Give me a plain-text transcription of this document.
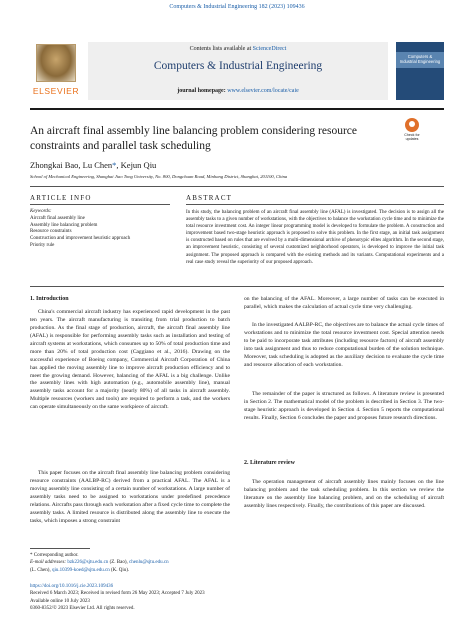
Computers & Industrial Engineering 182 (2023) 109436
ELSEVIER
Contents lists available at ScienceDirect
Computers & Industrial Engineering
journal homepage: www.elsevier.com/locate/caie
Computers & Industrial Engineering
An aircraft final assembly line balancing problem considering resource constraints and parallel task scheduling
Check for updates
Zhongkai Bao, Lu Chen*, Kejun Qiu
School of Mechanical Engineering, Shanghai Jiao Tong University, No. 800, Dongchuan Road, Minhang District, Shanghai, 201100, China
ARTICLE INFO	ABSTRACT
Keywords:
Aircraft final assembly line
Assembly line balancing problem
Resource constraints
Construction and improvement heuristic approach
Priority rule
In this study, the balancing problem of an aircraft final assembly line (AFAL) is investigated. The decision is to assign all the assembly tasks to a given number of workstations, with the objectives to balance the workstation cycle time and to minimize the total resource investment cost. An integer linear programming model is developed to formulate the problem. A construction and improvement based two-stage heuristic approach is proposed to solve this problem. In the first stage, an initial task assignment is constructed based on rules that are evolved by a multi-dimensional archive of phenotypic elites algorithm. In the second stage, an improvement heuristic, consisting of several customized neighborhood operators, is developed to improve the initial task assignment. The proposed approach is compared with the existing methods and its variants. Computational experiments and a real case study reveal the superiority of our proposed approach.
1. Introduction
China's commercial aircraft industry has experienced rapid development in the past ten years. The aircraft manufacturing is transiting from trial production to batch production. As the final stage of production, aircraft, the aircraft final assembly line (AFAL) is responsible for performing assembly tasks such as installation and testing of aircraft systems at workstations, which consumes up to 50% of total production time and more than 20% of total production cost (Caggiano et al., 2016). Drawing on the successful experience of Boeing company, Commercial Aircraft Corporation of China has applied the moving assembly line to improve aircraft production efficiency and to meet the growing demand. However, balancing of the AFAL is a big challenge. Unlike the assembly lines with high automation (e.g., automobile assembly line), manual assembly tasks account for a majority (nearly 80%) of all tasks in aircraft assembly. Multiple resources (workers and tools) are required to perform a task, and the workers can operate simultaneously on the same workpiece of aircraft.
This paper focuses on the aircraft final assembly line balancing problem considering resource constraints (AALBP-RC) derived from a practical AFAL. The AFAL is a moving assembly line consisting of a certain number of workstations. A large number of assembly tasks need to be assigned to workstations under predefined precedence relations. Aircrafts pass through each workstation after a fixed cycle time to complete the assembly tasks. A limited resource is distributed along the assembly line to execute the tasks, which imposes a strong constraint
on the balancing of the AFAL. Moreover, a large number of tasks can be executed in parallel, which makes the calculation of actual cycle time very challenging.
In the investigated AALBP-RC, the objectives are to balance the actual cycle times of workstations and to minimize the total resource investment cost. Special attention needs to be paid to incorporate task attributes (including resource factors) of aircraft assembly into task assignment and thus to reduce computational burden of the solution technique. Moreover, task scheduling is adopted as the auxiliary decision to evaluate the cycle time and resource allocation of each workstation.
The remainder of the paper is structured as follows. A literature review is presented in Section 2. The mathematical model of the problem is described in Section 3. The two-stage heuristic approach is developed in Section 4. Section 5 reports the computational results. Finally, Section 6 concludes the paper and proposes future research directions.
2. Literature review
The operation management of aircraft assembly lines mainly focuses on the line balancing problem and the task scheduling problem. In this section we review the literature on the assembly line balancing problem, and on the scheduling of aircraft assembly lines respectively. Finally, the contributions of this paper are discussed.
* Corresponding author.
E-mail addresses: bzk226@sjtu.edu.cn (Z. Bao), chenlu@sjtu.edu.cn
(L. Chen), qiu.10399-koed@sjtu.edu.cn (K. Qiu).
https://doi.org/10.1016/j.cie.2023.109436
Received 6 March 2023; Received in revised form 26 May 2023; Accepted 7 July 2023
Available online 10 July 2023
0360-8352/© 2023 Elsevier Ltd. All rights reserved.
